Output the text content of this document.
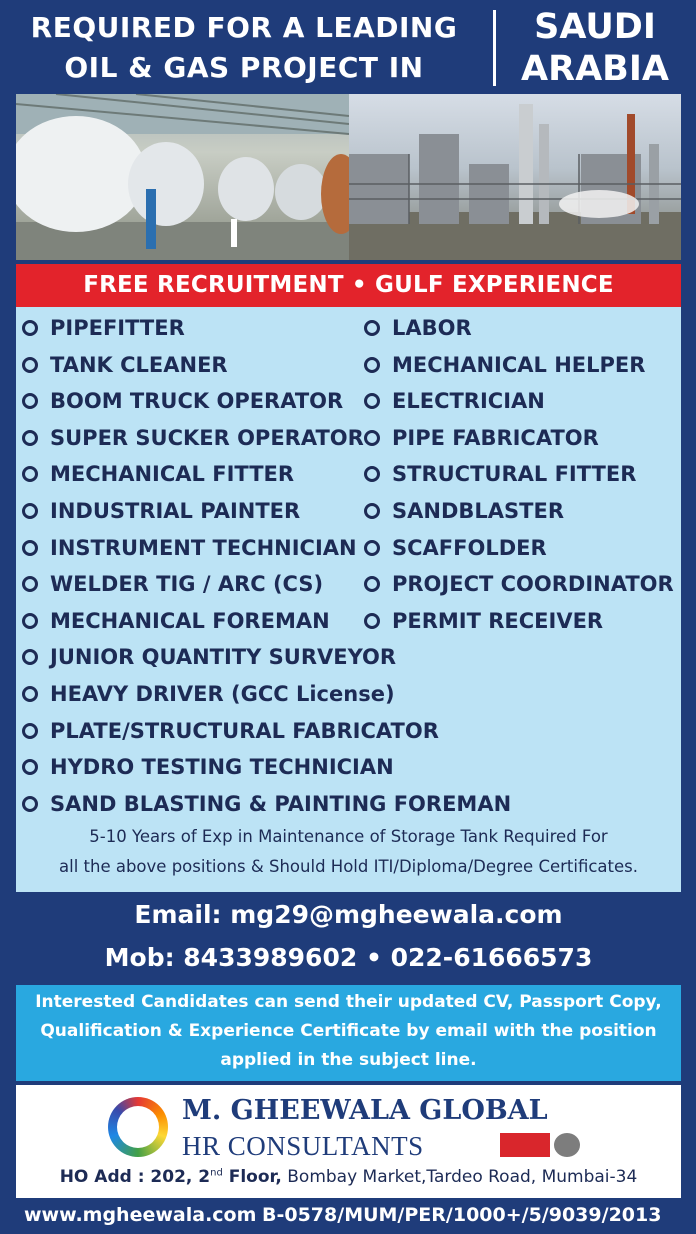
REQUIRED FOR A LEADING
OIL & GAS PROJECT IN
SAUDI
ARABIA
FREE RECRUITMENT • GULF EXPERIENCE
PIPEFITTER
TANK CLEANER
BOOM TRUCK OPERATOR
SUPER SUCKER OPERATOR
MECHANICAL FITTER
INDUSTRIAL PAINTER
INSTRUMENT TECHNICIAN
WELDER TIG / ARC (CS)
MECHANICAL FOREMAN
JUNIOR QUANTITY SURVEYOR
HEAVY DRIVER (GCC License)
PLATE/STRUCTURAL FABRICATOR
HYDRO TESTING TECHNICIAN
SAND BLASTING & PAINTING FOREMAN
LABOR
MECHANICAL HELPER
ELECTRICIAN
PIPE FABRICATOR
STRUCTURAL FITTER
SANDBLASTER
SCAFFOLDER
PROJECT COORDINATOR
PERMIT RECEIVER
5-10 Years of Exp in Maintenance of Storage Tank Required For
all the above positions & Should Hold ITI/Diploma/Degree Certificates.
Email: mg29@mgheewala.com
Mob: 8433989602 • 022-61666573
Interested Candidates can send their updated CV, Passport Copy,
Qualification & Experience Certificate by email with the position
applied in the subject line.
M. GHEEWALA GLOBAL
HR CONSULTANTS
HO Add : 202, 2nd Floor, Bombay Market,Tardeo Road, Mumbai-34
www.mgheewala.com B-0578/MUM/PER/1000+/5/9039/2013
